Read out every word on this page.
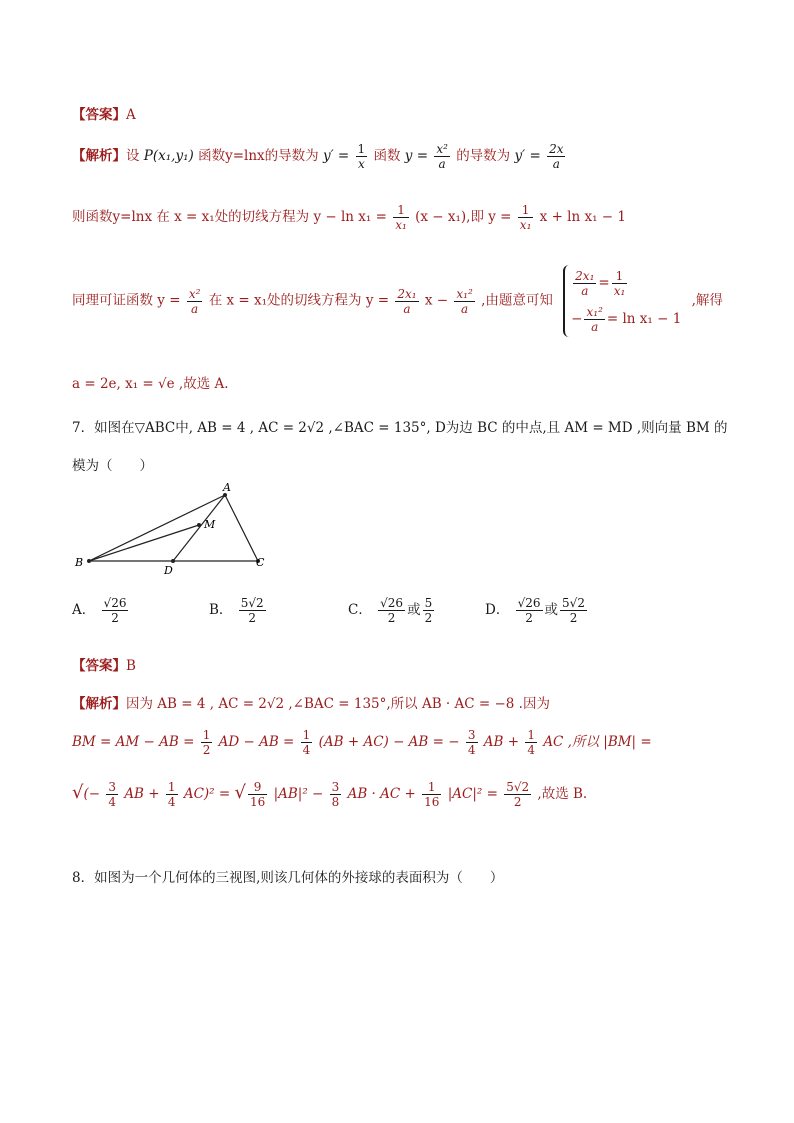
【答案】A
【解析】设 P(x₁,y₁) 函数y=lnx的导数为 $y' = \frac{1}{x}$ 函数 $y = \frac{\text{x²}}{a}$ 的导数为 $y' = \frac{2x}{a}$
则函数y=lnx 在 x = x₁处的切线方程为 $y - \ln x_1 = \frac{1}{\text{x₁}} (x - x_1)$,即 $y = \frac{1}{\text{x₁}}$ x + ln x₁ − 1
同理可证函数 $y = \frac{\text{x²}}{a}$ 在 x = x₁处的切线方程为 $y = \frac{\text{2x₁}}{a}$ $x - \frac{\text{x₁²}}{a}$ ,由题意可知
$\frac{\text{2x₁}}{a} = \frac{1}{\text{x₁}}$
− $\frac{\text{x₁²}}{a} = \ln x_1 - 1$
,解得
a = 2e, x₁ = √e ,故选 A.
7．如图在▽ABC中, AB = 4 , AC = 2√2 ,∠BAC = 135°, D为边 BC 的中点,且 AM = MD ,则向量 BM 的
模为（　　）
A
M
B
D
C
A． $\frac{√26}{2}$	B． $\frac{5√2}{2}$	C． $\frac{√26}{2}$ 或 $\frac{5}{2}$	D． $\frac{√26}{2}$ 或 $\frac{5√2}{2}$
【答案】B
【解析】因为 AB = 4 , AC = 2√2 ,∠BAC = 135°,所以 AB · AC = −8 .因为
BM = AM − AB = $\frac{1}{2}$ AD − AB = $\frac{1}{4} (AB + AC)$ − AB = − $\frac{3}{4}$ AB + $\frac{1}{4}$ AC ,所以 |BM| =
√(− $\frac{3}{4}$ AB + $\frac{1}{4} AC)^2$ = √ $\frac{9}{16} |AB|^2 - \frac{3}{8}$ AB · AC + $\frac{1}{16} |AC|^2 = \frac{5√2}{2}$ ,故选 B.
8．如图为一个几何体的三视图,则该几何体的外接球的表面积为（　　）
